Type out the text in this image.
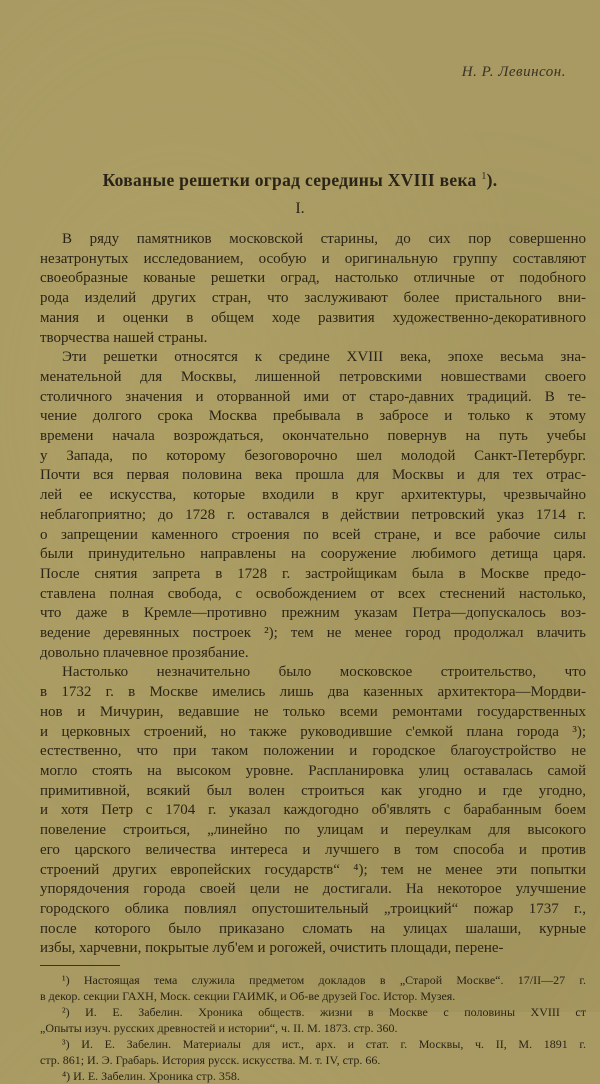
Н. Р. Левинсон.
Кованые решетки оград середины XVIII века $^1$).
I.
В ряду памятников московской старины, до сих пор совершенно
незатронутых исследованием, особую и оригинальную группу составляют
своеобразные кованые решетки оград, настолько отличные от подобного
рода изделий других стран, что заслуживают более пристального вни-
мания и оценки в общем ходе развития художественно-декоративного
творчества нашей страны.
Эти решетки относятся к средине XVIII века, эпохе весьма зна-
менательной для Москвы, лишенной петровскими новшествами своего
столичного значения и оторванной ими от старо-давних традиций. В те-
чение долгого срока Москва пребывала в забросе и только к этому
времени начала возрождаться, окончательно повернув на путь учебы
у Запада, по которому безоговорочно шел молодой Санкт-Петербург.
Почти вся первая половина века прошла для Москвы и для тех отрас-
лей ее искусства, которые входили в круг архитектуры, чрезвычайно
неблагоприятно; до 1728 г. оставался в действии петровский указ 1714 г.
о запрещении каменного строения по всей стране, и все рабочие силы
были принудительно направлены на сооружение любимого детища царя.
После снятия запрета в 1728 г. застройщикам была в Москве предо-
ставлена полная свобода, с освобождением от всех стеснений настолько,
что даже в Кремле—противно прежним указам Петра—допускалось воз-
ведение деревянных построек ²); тем не менее город продолжал влачить
довольно плачевное прозябание.
Настолько незначительно было московское строительство, что
в 1732 г. в Москве имелись лишь два казенных архитектора—Мордви-
нов и Мичурин, ведавшие не только всеми ремонтами государственных
и церковных строений, но также руководившие с'емкой плана города ³);
естественно, что при таком положении и городское благоустройство не
могло стоять на высоком уровне. Распланировка улиц оставалась самой
примитивной, всякий был волен строиться как угодно и где угодно,
и хотя Петр с 1704 г. указал каждогодно об'являть с барабанным боем
повеление строиться, „линейно по улицам и переулкам для высокого
его царского величества интереса и лучшего в том способа и против
строений других европейских государств“ ⁴); тем не менее эти попытки
упорядочения города своей цели не достигали. На некоторое улучшение
городского облика повлиял опустошительный „троицкий“ пожар 1737 г.,
после которого было приказано сломать на улицах шалаши, курные
избы, харчевни, покрытые луб'ем и рогожей, очистить площади, перене-
¹) Настоящая тема служила предметом докладов в „Старой Москве“. 17/II—27 г.
в декор. секции ГАХН, Моск. секции ГАИМК, и Об-ве друзей Гос. Истор. Музея.
²) И. Е. Забелин. Хроника обществ. жизни в Москве с половины XVIII ст
„Опыты изуч. русских древностей и истории“, ч. II. М. 1873. стр. 360.
³) И. Е. Забелин. Материалы для ист., арх. и стат. г. Москвы, ч. II, М. 1891 г.
стр. 861; И. Э. Грабарь. История русск. искусства. М. т. IV, стр. 66.
⁴) И. Е. Забелин. Хроника стр. 358.
